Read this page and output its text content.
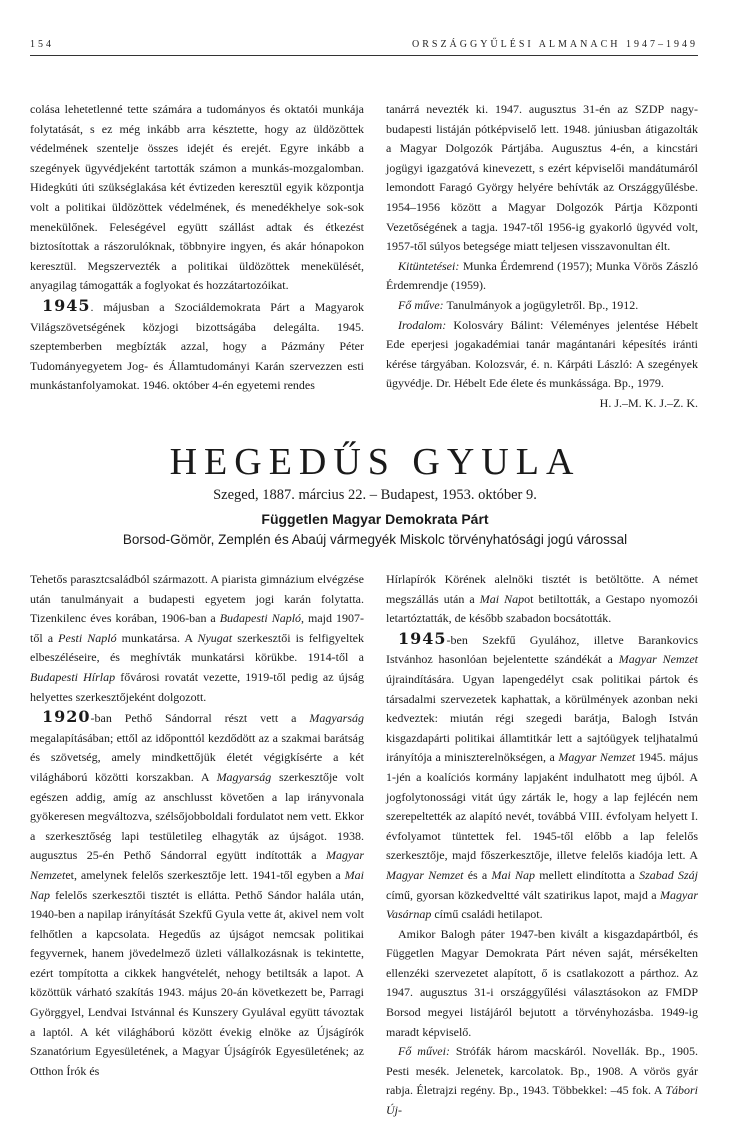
154	ORSZÁGGYŰLÉSI ALMANACH 1947–1949

colása lehetetlenné tette számára a tudományos és oktatói munkája folytatását, s ez még inkább arra késztette, hogy az üldözöttek védelmének szentelje összes idejét és erejét. Egyre inkább a szegények ügyvédjeként tartották számon a munkás-mozgalomban. Hidegkúti úti szükséglakása két évtizeden keresztül egyik központja volt a politikai üldözöttek védelmének, és menedékhelye sok-sok menekülőnek. Feleségével együtt szállást adtak és étkezést biztosítottak a rászorulóknak, többnyire ingyen, és akár hónapokon keresztül. Megszervezték a politikai üldözöttek menekülését, anyagilag támogatták a foglyokat és hozzátartozóikat.

1945. májusban a Szociáldemokrata Párt a Magyarok Világszövetségének közjogi bizottságába delegálta. 1945. szeptemberben megbízták azzal, hogy a Pázmány Péter Tudományegyetem Jog- és Államtudományi Karán szervezzen esti munkástanfolyamokat. 1946. október 4-én egyetemi rendes

tanárrá nevezték ki. 1947. augusztus 31-én az SZDP nagy-budapesti listáján pótképviselő lett. 1948. júniusban átigazolták a Magyar Dolgozók Pártjába. Augusztus 4-én, a kincstári jogügyi igazgatóvá kinevezett, s ezért képviselői mandátumáról lemondott Faragó György helyére behívták az Országgyűlésbe. 1954–1956 között a Magyar Dolgozók Pártja Központi Vezetőségének a tagja. 1947-től 1956-ig gyakorló ügyvéd volt, 1957-től súlyos betegsége miatt teljesen visszavonultan élt.

Kitüntetései: Munka Érdemrend (1957); Munka Vörös Zászló Érdemrendje (1959).

Fő műve: Tanulmányok a jogügyletről. Bp., 1912.

Irodalom: Kolosváry Bálint: Véleményes jelentése Hébelt Ede eperjesi jogakadémiai tanár magántanári képesítés iránti kérése tárgyában. Kolozsvár, é. n. Kárpáti László: A szegények ügyvédje. Dr. Hébelt Ede élete és munkássága. Bp., 1979.

H. J.–M. K. J.–Z. K.

HEGEDŰS GYULA
Szeged, 1887. március 22. – Budapest, 1953. október 9.
Független Magyar Demokrata Párt
Borsod-Gömör, Zemplén és Abaúj vármegyék Miskolc törvényhatósági jogú várossal

Tehetős parasztcsaládból származott. A piarista gimnázium elvégzése után tanulmányait a budapesti egyetem jogi karán folytatta. Tizenkilenc éves korában, 1906-ban a Budapesti Napló, majd 1907-től a Pesti Napló munkatársa. A Nyugat szerkesztői is felfigyeltek elbeszéléseire, és meghívták munkatársi körükbe. 1914-től a Budapesti Hírlap fővárosi rovatát vezette, 1919-től pedig az újság helyettes szerkesztőjeként dolgozott.

1920-ban Pethő Sándorral részt vett a Magyarság megalapításában; ettől az időponttól kezdődött az a szakmai barátság és szövetség, amely mindkettőjük életét végigkísérte a két világháború közötti korszakban. A Magyarság szerkesztője volt egészen addig, amíg az anschlusst követően a lap irányvonala gyökeresen megváltozva, szélsőjobboldali fordulatot nem vett. Ekkor a szerkesztőség lapi testületileg elhagyták az újságot. 1938. augusztus 25-én Pethő Sándorral együtt indították a Magyar Nemzetet, amelynek felelős szerkesztője lett. 1941-től egyben a Mai Nap felelős szerkesztői tisztét is ellátta. Pethő Sándor halála után, 1940-ben a napilap irányítását Szekfű Gyula vette át, akivel nem volt felhőtlen a kapcsolata. Hegedűs az újságot nemcsak politikai fegyvernek, hanem jövedelmező üzleti vállalkozásnak is tekintette, ezért tompította a cikkek hangvételét, nehogy betiltsák a lapot. A közöttük várható szakítás 1943. május 20-án következett be, Parragi Györggyel, Lendvai Istvánnal és Kunszery Gyulával együtt távoztak a laptól. A két világháború között évekig elnöke az Újságírók Szanatórium Egyesületének, a Magyar Újságírók Egyesületének; az Otthon Írók és

Hírlapírók Körének alelnöki tisztét is betöltötte. A német megszállás után a Mai Napot betiltották, a Gestapo nyomozói letartóztatták, de később szabadon bocsátották.

1945-ben Szekfű Gyulához, illetve Barankovics Istvánhoz hasonlóan bejelentette szándékát a Magyar Nemzet újraindítására. Ugyan lapengedélyt csak politikai pártok és társadalmi szervezetek kaphattak, a körülmények azonban neki kedveztek: miután régi szegedi barátja, Balogh István kisgazdapárti politikai államtitkár lett a sajtóügyek teljhatalmú irányítója a miniszterelnökségen, a Magyar Nemzet 1945. május 1-jén a koalíciós kormány lapjaként indulhatott meg újból. A jogfolytonossági vitát úgy zárták le, hogy a lap fejlécén nem szerepeltették az alapító nevét, továbbá VIII. évfolyam helyett I. évfolyamot tüntettek fel. 1945-től előbb a lap felelős szerkesztője, majd főszerkesztője, illetve felelős kiadója lett. A Magyar Nemzet és a Mai Nap mellett elindította a Szabad Száj című, gyorsan közkedveltté vált szatirikus lapot, majd a Magyar Vasárnap című családi hetilapot.

Amikor Balogh páter 1947-ben kivált a kisgazdapártból, és Független Magyar Demokrata Párt néven saját, mérsékelten ellenzéki szervezetet alapított, ő is csatlakozott a párthoz. Az 1947. augusztus 31-i országgyűlési választásokon az FMDP Borsod megyei listájáról bejutott a törvényhozásba. 1949-ig maradt képviselő.

Fő művei: Strófák három macskáról. Novellák. Bp., 1905. Pesti mesék. Jelenetek, karcolatok. Bp., 1908. A vörös gyár rabja. Életrajzi regény. Bp., 1943. Többekkel: –45 fok. A Tábori Új-
